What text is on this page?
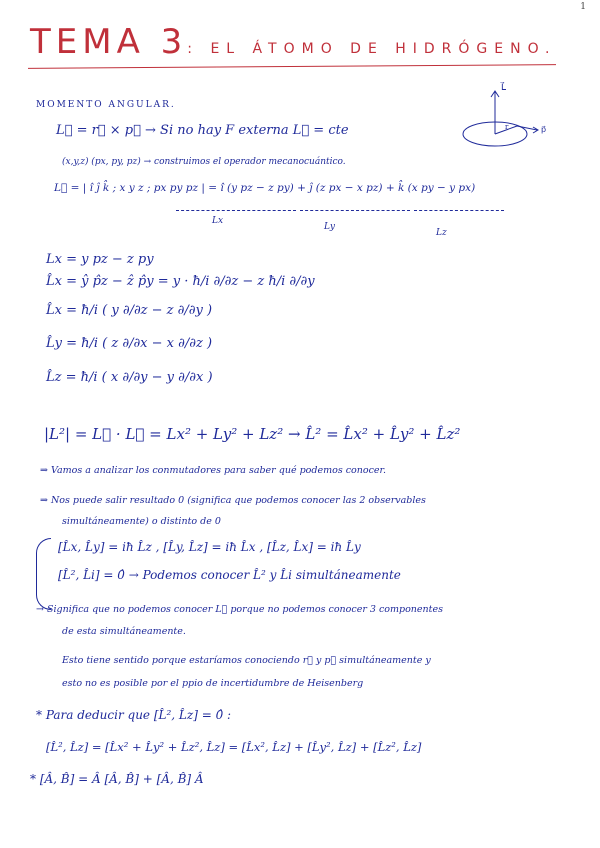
1
TEMA 3: EL ÁTOMO DE HIDRÓGENO.
MOMENTO ANGULAR.
L⃗
p⃗
r
L⃗ = r⃗ × p⃗ → Si no hay F externa L⃗ = cte
(x,y,z) (px, py, pz) → construimos el operador mecanocuántico.
L⃗ = | î ĵ k̂ ; x y z ; px py pz | = î (y pz − z py) + ĵ (z px − x pz) + k̂ (x py − y px)
Lx
Ly
Lz
Lx = y pz − z py
L̂x = ŷ p̂z − ẑ p̂y = y · ħ/i ∂/∂z − z ħ/i ∂/∂y
L̂x = ħ/i ( y ∂/∂z − z ∂/∂y )
L̂y = ħ/i ( z ∂/∂x − x ∂/∂z )
L̂z = ħ/i ( x ∂/∂y − y ∂/∂x )
|L²| = L⃗ · L⃗ = Lx² + Ly² + Lz² → L̂² = L̂x² + L̂y² + L̂z²
⇒ Vamos a analizar los conmutadores para saber qué podemos conocer.
⇒ Nos puede salir resultado 0 (significa que podemos conocer las 2 observables
simultáneamente) o distinto de 0
[L̂x, L̂y] = iħ L̂z , [L̂y, L̂z] = iħ L̂x , [L̂z, L̂x] = iħ L̂y
[L̂², L̂i] = 0̂ → Podemos conocer L̂² y L̂i simultáneamente
→ Significa que no podemos conocer L⃗ porque no podemos conocer 3 componentes
de esta simultáneamente.
Esto tiene sentido porque estaríamos conociendo r⃗ y p⃗ simultáneamente y
esto no es posible por el ppio de incertidumbre de Heisenberg
* Para deducir que [L̂², L̂z] = 0̂ :
[L̂², L̂z] = [L̂x² + L̂y² + L̂z², L̂z] = [L̂x², L̂z] + [L̂y², L̂z] + [L̂z², L̂z]
* [Â, B̂] = Â [Â, B̂] + [Â, B̂] Â
